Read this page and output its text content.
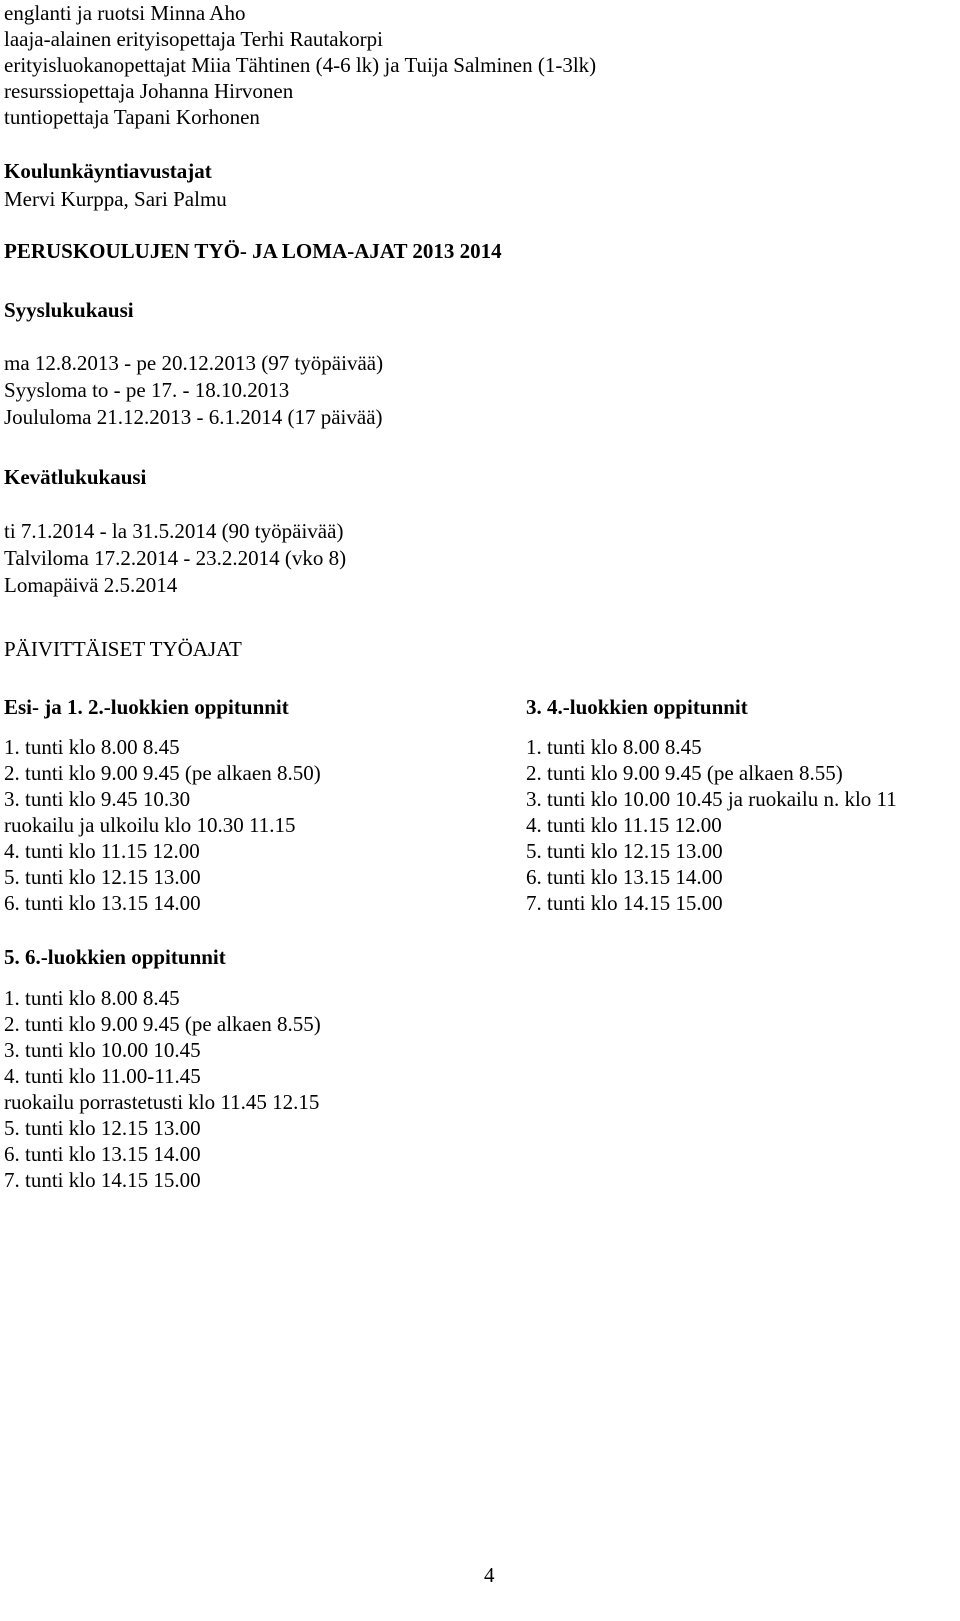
englanti ja ruotsi Minna Aho
laaja-alainen erityisopettaja Terhi Rautakorpi
erityisluokanopettajat Miia Tähtinen (4-6 lk) ja Tuija Salminen (1-3lk)
resurssiopettaja Johanna Hirvonen
tuntiopettaja Tapani Korhonen
Koulunkäyntiavustajat
Mervi Kurppa, Sari Palmu
PERUSKOULUJEN TYÖ- JA LOMA-AJAT 2013 2014
Syyslukukausi
ma 12.8.2013 - pe 20.12.2013 (97 työpäivää)
Syysloma to - pe 17. - 18.10.2013
Joululoma 21.12.2013 - 6.1.2014 (17 päivää)
Kevätlukukausi
ti 7.1.2014 - la 31.5.2014 (90 työpäivää)
Talviloma 17.2.2014 - 23.2.2014 (vko 8)
Lomapäivä 2.5.2014
PÄIVITTÄISET TYÖAJAT
Esi- ja 1. 2.-luokkien oppitunnit
1. tunti klo 8.00 8.45
2. tunti klo 9.00 9.45 (pe alkaen 8.50)
3. tunti klo 9.45 10.30
ruokailu ja ulkoilu klo 10.30 11.15
4. tunti klo 11.15 12.00
5. tunti klo 12.15 13.00
6. tunti klo 13.15 14.00
3. 4.-luokkien oppitunnit
1. tunti klo 8.00 8.45
2. tunti klo 9.00 9.45 (pe alkaen 8.55)
3. tunti klo 10.00 10.45 ja ruokailu n. klo 11
4. tunti klo 11.15 12.00
5. tunti klo 12.15 13.00
6. tunti klo 13.15 14.00
7. tunti klo 14.15 15.00
5. 6.-luokkien oppitunnit
1. tunti klo 8.00 8.45
2. tunti klo 9.00 9.45 (pe alkaen 8.55)
3. tunti klo 10.00 10.45
4. tunti klo 11.00-11.45
ruokailu porrastetusti klo 11.45 12.15
5. tunti klo 12.15 13.00
6. tunti klo 13.15 14.00
7. tunti klo 14.15 15.00
4
